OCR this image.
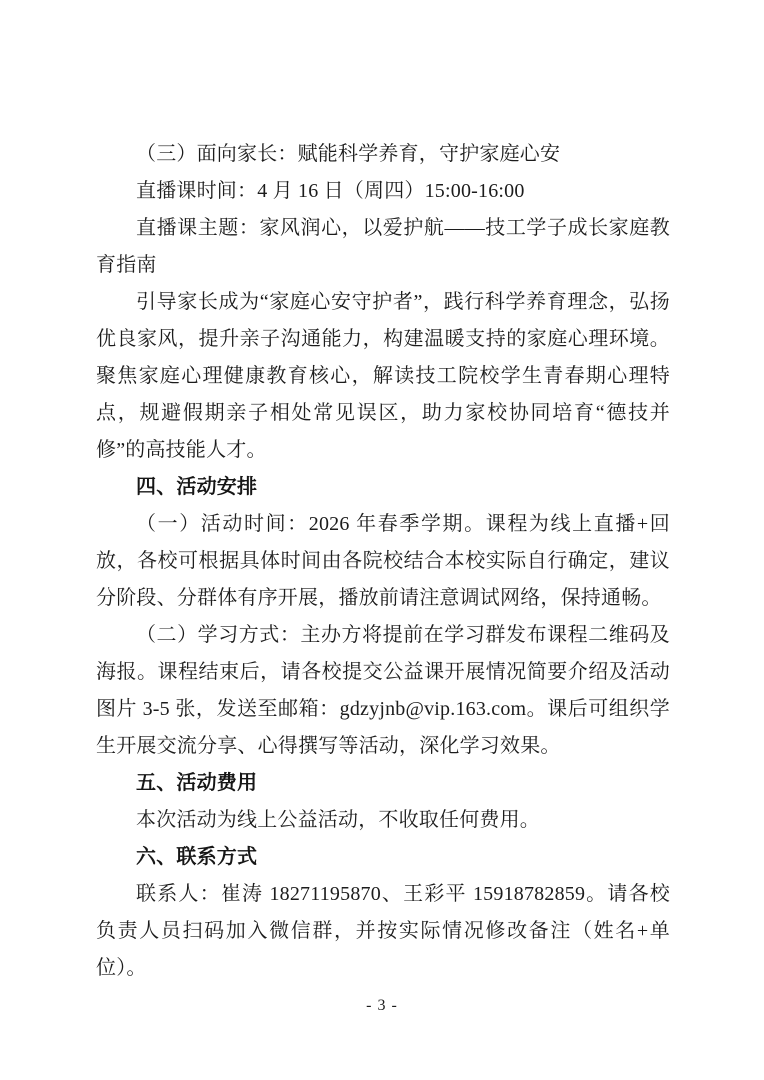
（三）面向家长：赋能科学养育，守护家庭心安

直播课时间：4 月 16 日（周四）15:00-16:00

直播课主题：家风润心，以爱护航——技工学子成长家庭教育指南

引导家长成为“家庭心安守护者”，践行科学养育理念，弘扬优良家风，提升亲子沟通能力，构建温暖支持的家庭心理环境。聚焦家庭心理健康教育核心，解读技工院校学生青春期心理特点，规避假期亲子相处常见误区，助力家校协同培育“德技并修”的高技能人才。

四、活动安排

（一）活动时间：2026 年春季学期。课程为线上直播+回放，各校可根据具体时间由各院校结合本校实际自行确定，建议分阶段、分群体有序开展，播放前请注意调试网络，保持通畅。

（二）学习方式：主办方将提前在学习群发布课程二维码及海报。课程结束后，请各校提交公益课开展情况简要介绍及活动图片 3-5 张，发送至邮箱：gdzyjnb@vip.163.com。课后可组织学生开展交流分享、心得撰写等活动，深化学习效果。

五、活动费用

本次活动为线上公益活动，不收取任何费用。

六、联系方式

联系人：崔涛 18271195870、王彩平 15918782859。请各校负责人员扫码加入微信群，并按实际情况修改备注（姓名+单位）。

- 3 -
